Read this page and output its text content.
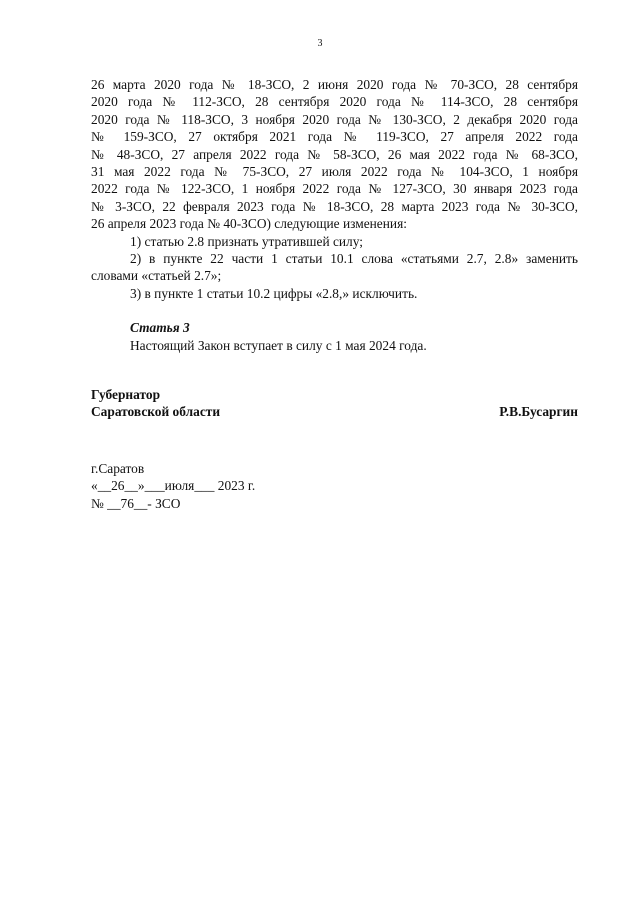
3

26 марта 2020 года № 18-ЗСО, 2 июня 2020 года № 70-ЗСО, 28 сентября

2020 года № 112-ЗСО, 28 сентября 2020 года № 114-ЗСО, 28 сентября

2020 года № 118-ЗСО, 3 ноября 2020 года № 130-ЗСО, 2 декабря 2020 года

№ 159-ЗСО, 27 октября 2021 года № 119-ЗСО, 27 апреля 2022 года

№ 48-ЗСО, 27 апреля 2022 года № 58-ЗСО, 26 мая 2022 года № 68-ЗСО,

31 мая 2022 года № 75-ЗСО, 27 июля 2022 года № 104-ЗСО, 1 ноября

2022 года № 122-ЗСО, 1 ноября 2022 года № 127-ЗСО, 30 января 2023 года

№ 3-ЗСО, 22 февраля 2023 года № 18-ЗСО, 28 марта 2023 года № 30-ЗСО,

26 апреля 2023 года № 40-ЗСО) следующие изменения:

1) статью 2.8 признать утратившей силу;

2) в пункте 22 части 1 статьи 10.1 слова «статьями 2.7, 2.8» заменить

словами «статьей 2.7»;

3) в пункте 1 статьи 10.2 цифры «2.8,» исключить.

Статья 3

Настоящий Закон вступает в силу с 1 мая 2024 года.

Губернатор
Саратовской области	Р.В.Бусаргин
г.Саратов
«__26__»___июля___ 2023 г.
№ __76__- ЗСО
